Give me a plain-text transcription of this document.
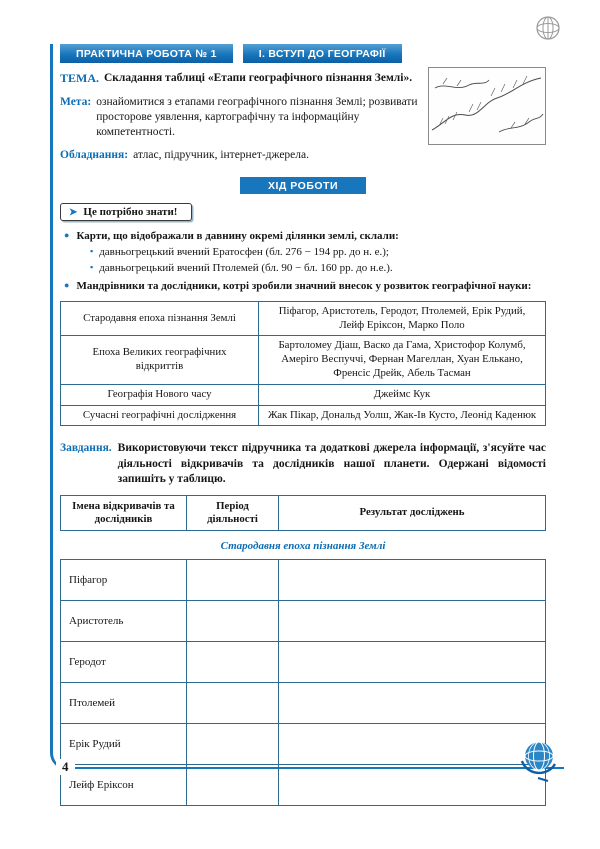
ПРАКТИЧНА РОБОТА № 1	І. ВСТУП ДО ГЕОГРАФІЇ
ТЕМА. Складання таблиці «Етапи географічного пізнання Землі».
Мета: ознайомитися з етапами географічного пізнання Землі; розвивати просторове уявлення, картографічну та інформаційну компетентності.
Обладнання: атлас, підручник, інтернет-джерела.
ХІД РОБОТИ
➤ Це потрібно знати!
● Карти, що відображали в давнину окремі ділянки землі, склали:
▪ давньогрецький вчений Ератосфен (бл. 276 − 194 рр. до н. е.);
▪ давньогрецький вчений Птолемей (бл. 90 − бл. 160 рр. до н.е.).
● Мандрівники та дослідники, котрі зробили значний внесок у розвиток географічної науки:
Стародавня епоха пізнання Землі	Піфагор, Аристотель, Геродот, Птолемей, Ерік Рудий, Лейф Еріксон, Марко Поло
Епоха Великих географічних відкриттів	Бартоломеу Діаш, Васко да Гама, Христофор Колумб, Амеріго Веспуччі, Фернан Магеллан, Хуан Елькано, Френсіс Дрейк, Абель Тасман
Географія Нового часу	Джеймс Кук
Сучасні географічні дослідження	Жак Пікар, Дональд Уолш, Жак-Ів Кусто, Леонід Каденюк
Завдання. Використовуючи текст підручника та додаткові джерела інформації, з'ясуйте час діяльності відкривачів та дослідників нашої планети. Одержані відомості запишіть у таблицю.
Імена відкривачів та дослідників	Період діяльності	Результат досліджень
Стародавня епоха пізнання Землі
Піфагор		
Аристотель		
Геродот		
Птолемей		
Ерік Рудий		
Лейф Еріксон		
4
